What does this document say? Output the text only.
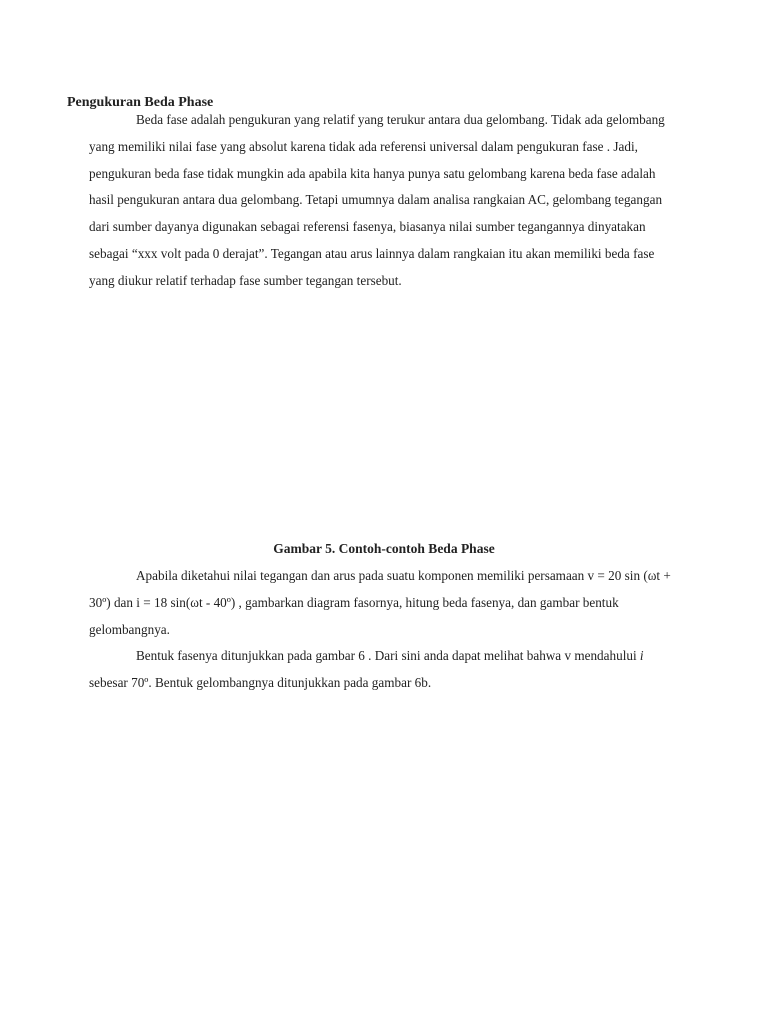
Pengukuran Beda Phase

Beda fase adalah pengukuran yang relatif yang terukur antara dua gelombang. Tidak ada gelombang yang memiliki nilai fase yang absolut karena tidak ada referensi universal dalam pengukuran fase . Jadi, pengukuran beda fase tidak mungkin ada apabila kita hanya punya satu gelombang karena beda fase adalah hasil pengukuran antara dua gelombang. Tetapi umumnya dalam analisa rangkaian AC, gelombang tegangan dari sumber dayanya digunakan sebagai referensi fasenya, biasanya nilai sumber tegangannya dinyatakan sebagai “xxx volt pada 0 derajat”. Tegangan atau arus lainnya dalam rangkaian itu akan memiliki beda fase yang diukur relatif terhadap fase sumber tegangan tersebut.

Gambar 5. Contoh-contoh Beda Phase

Apabila diketahui nilai tegangan dan arus pada suatu komponen memiliki persamaan v = 20 sin (ωt + 30º) dan i = 18 sin(ωt - 40º) , gambarkan diagram fasornya, hitung beda fasenya, dan gambar bentuk gelombangnya.

Bentuk fasenya ditunjukkan pada gambar 6 . Dari sini anda dapat melihat bahwa v mendahului i sebesar 70º. Bentuk gelombangnya ditunjukkan pada gambar 6b.
